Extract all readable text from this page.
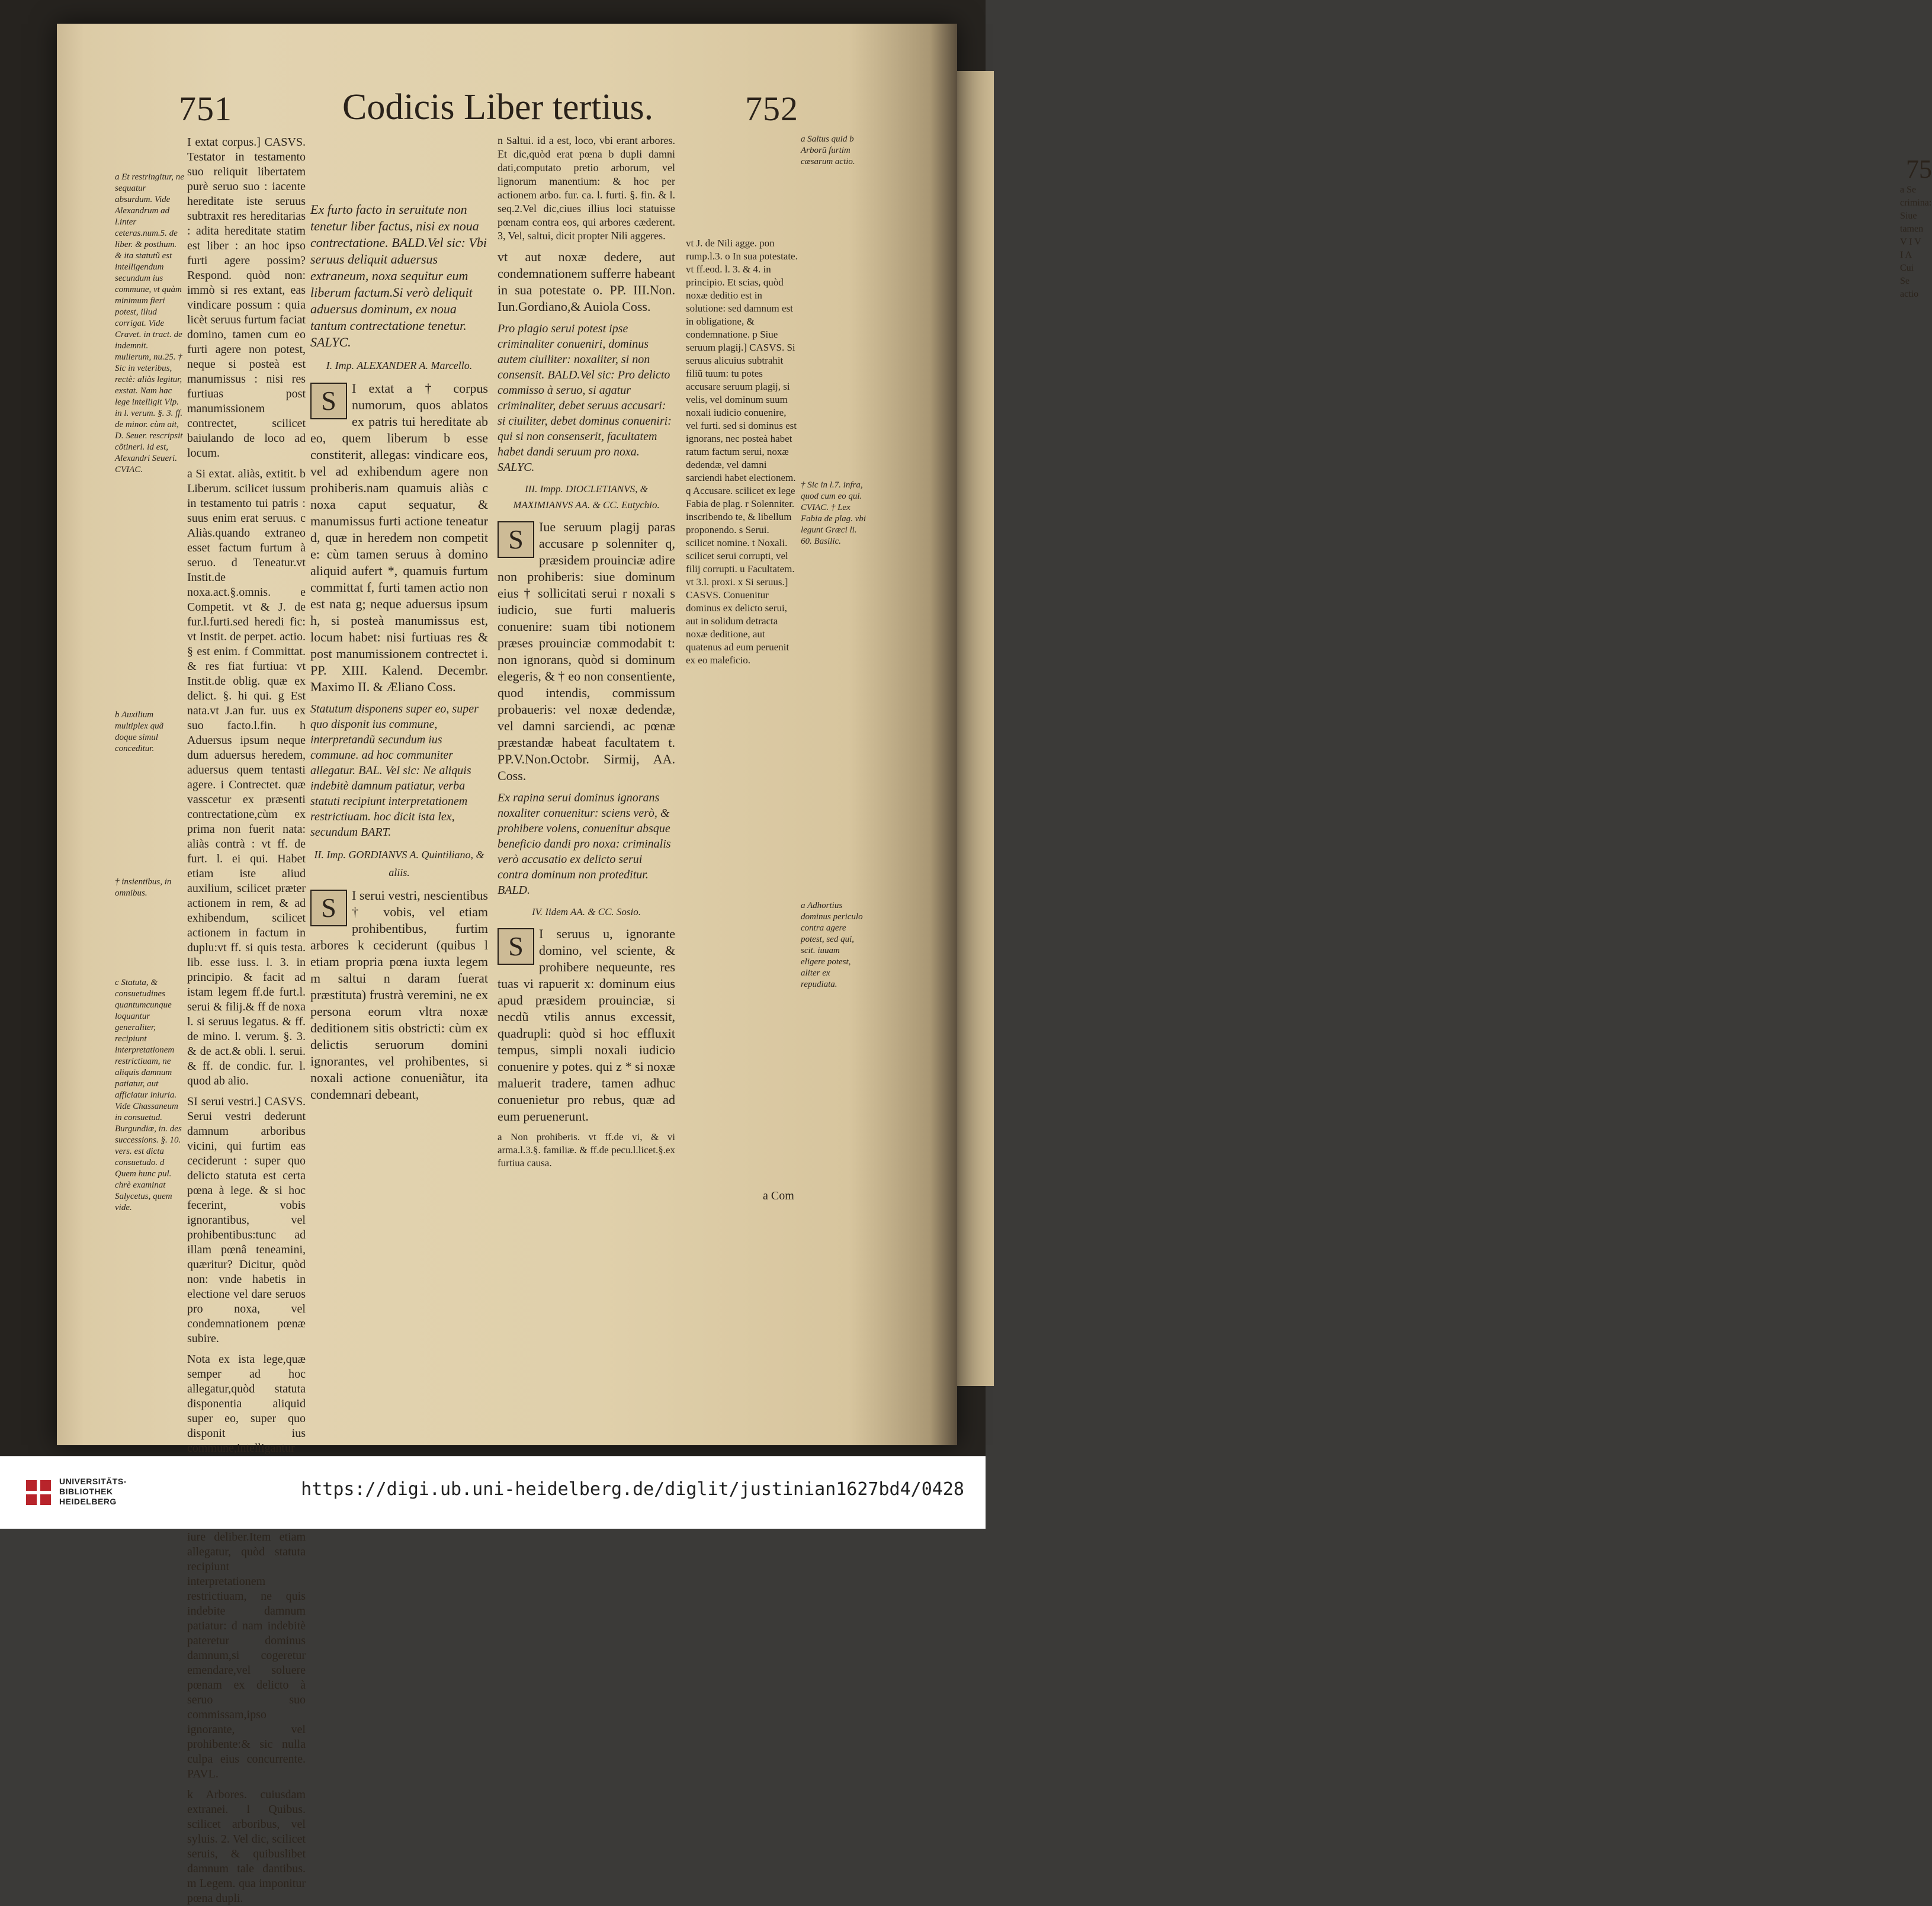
75
a Se crimina: Siue tamen V I V I A Cui Se actio
751	Codicis Liber tertius.	752
a Et restringitur, ne sequatur absurdum. Vide Alexandrum ad l.inter ceteras.num.5. de liber. & posthum. & ita statutũ est intelligendum secundum ius commune, vt quàm minimum fieri potest, illud corrigat. Vide Cravet. in tract. de indemnit. mulierum, nu.25. † Sic in veteribus, rectè: aliàs legitur, exstat. Nam hac lege intelligit Vlp. in l. verum. §. 3. ff. de minor. cùm ait, D. Seuer. rescripsit cõtineri. id est, Alexandri Seueri. CVIAC.
b Auxilium multiplex quã doque simul conceditur.
† insientibus, in omnibus.
c Statuta, & consuetudines quantumcunque loquantur generaliter, recipiunt interpretationem restrictiuam, ne aliquis damnum patiatur, aut afficiatur iniuria. Vide Chassaneum in consuetud. Burgundiæ, in. des successions. §. 10. vers. est dicta consuetudo. d Quem hunc pul. chrè examinat Salycetus, quem vide.

I extat corpus.] CASVS. Testator in testamento suo reliquit libertatem purè seruo suo : iacente hereditate iste seruus subtraxit res hereditarias : adita hereditate statim est liber : an hoc ipso furti agere possim? Respond. quòd non: immò si res extant, eas vindicare possum : quia licèt seruus furtum faciat domino, tamen cum eo furti agere non potest, neque si posteà est manumissus : nisi res furtiuas post manumissionem contrectet, scilicet baiulando de loco ad locum.

a Si extat. aliàs, extitit. b Liberum. scilicet iussum in testamento tui patris : suus enim erat seruus. c Aliàs.quando extraneo esset factum furtum à seruo. d Teneatur.vt Instit.de noxa.act.§.omnis. e Competit. vt & J. de fur.l.furti.sed heredi fic: vt Instit. de perpet. actio. § est enim. f Committat. & res fiat furtiua: vt Instit.de oblig. quæ ex delict. §. hi qui. g Est nata.vt J.an fur. uus ex suo facto.l.fin. h Aduersus ipsum neque dum aduersus heredem, aduersus quem tentasti agere. i Contrectet. quæ vasscetur ex præsenti contrectatione,cùm ex prima non fuerit nata: aliàs contrà : vt ff. de furt. l. ei qui. Habet etiam iste aliud auxilium, scilicet præter actionem in rem, & ad exhibendum, scilicet actionem in factum in duplu:vt ff. si quis testa. lib. esse iuss. l. 3. in principio. & facit ad istam legem ff.de furt.l. serui & filij.& ff de noxa l. si seruus legatus. & ff. de mino. l. verum. §. 3. & de act.& obli. l. serui. & ff. de condic. fur. l. quod ab alio.

SI serui vestri.] CASVS. Serui vestri dederunt damnum arboribus vicini, qui furtim eas ceciderunt : super quo delicto statuta est certa pœna à lege. & si hoc fecerint, vobis ignorantibus, vel prohibentibus:tunc ad illam pœnâ teneamini, quæritur? Dicitur, quòd non: vnde habetis in electione vel dare seruos pro noxa, vel condemnationem pœnæ subire.

Nota ex ista lege,quæ semper ad hoc allegatur,quòd statuta disponentia aliquid super eo, super quo disponit ius commune,intelligantur iure deliber.Item etiam allegatur, quòd statuta recipiunt interpretationem restrictiuam, ne quis indebite damnum patiatur: d nam indebitè pateretur dominus damnum,si cogeretur emendare,vel soluere pœnam ex delicto à seruo suo commissam,ipso ignorante, vel prohibente:& sic nulla culpa eius concurrente. PAVL.

k Arbores. cuiusdam extranei. l Quibus. scilicet arboribus, vel syluis. 2. Vel dic, scilicet seruis, & quibuslibet damnum tale dantibus. m Legem. qua imponitur pœna dupli.

Ex furto facto in seruitute non tenetur liber factus, nisi ex noua contrectatione. BALD.Vel sic: Vbi seruus deliquit aduersus extraneum, noxa sequitur eum liberum factum.Si verò deliquit aduersus dominum, ex noua tantum contrectatione tenetur. SALYC.

I. Imp. ALEXANDER A. Marcello.

S	I extat a † corpus numorum, quos ablatos ex patris tui hereditate ab eo, quem liberum b esse constiterit, allegas: vindicare eos, vel ad exhibendum agere non prohiberis.nam quamuis aliàs c noxa caput sequatur, & manumissus furti actione teneatur d, quæ in heredem non competit e: cùm tamen seruus à domino aliquid aufert *, quamuis furtum committat f, furti tamen actio non est nata g; neque aduersus ipsum h, si posteà manumissus est, locum habet: nisi furtiuas res & post manumissionem contrectet i. PP. XIII. Kalend. Decembr. Maximo II. & Æliano Coss.

Statutum disponens super eo, super quo disponit ius commune, interpretandũ secundum ius commune. ad hoc communiter allegatur. BAL. Vel sic: Ne aliquis indebitè damnum patiatur, verba statuti recipiunt interpretationem restrictiuam. hoc dicit ista lex, secundum BART.

II. Imp. GORDIANVS A. Quintiliano, & aliis.

S	I serui vestri, nescientibus † vobis, vel etiam prohibentibus, furtim arbores k ceciderunt (quibus l etiam propria pœna iuxta legem m saltui n daram fuerat præstituta) frustrà veremini, ne ex persona eorum vltra noxæ deditionem sitis obstricti: cùm ex delictis seruorum domini ignorantes, vel prohibentes, si noxali actione conueniãtur, ita condemnari debeant,

n Saltui. id a est, loco, vbi erant arbores. Et dic,quòd erat pœna b dupli damni dati,computato pretio arborum, vel lignorum manentium: & hoc per actionem arbo. fur. ca. l. furti. §. fin. & l. seq.2.Vel dic,ciues illius loci statuisse pœnam contra eos, qui arbores cæderent. 3, Vel, saltui, dicit propter Nili aggeres.

vt aut noxæ dedere, aut condemnationem sufferre habeant in sua potestate o. PP. III.Non. Iun.Gordiano,& Auiola Coss.

Pro plagio serui potest ipse criminaliter conueniri, dominus autem ciuiliter: noxaliter, si non consensit. BALD.Vel sic: Pro delicto commisso à seruo, si agatur criminaliter, debet seruus accusari: si ciuiliter, debet dominus conueniri: qui si non consenserit, facultatem habet dandi seruum pro noxa. SALYC.

III. Impp. DIOCLETIANVS, & MAXIMIANVS AA. & CC. Eutychio.

S	Iue seruum plagij paras accusare p solenniter q, præsidem prouinciæ adire non prohiberis: siue dominum eius † sollicitati serui r noxali s iudicio, sue furti malueris conuenire: suam tibi notionem præses prouinciæ commodabit t: non ignorans, quòd si dominum elegeris, & † eo non consentiente, quod intendis, commissum probaueris: vel noxæ dedendæ, vel damni sarciendi, ac pœnæ præstandæ habeat facultatem t. PP.V.Non.Octobr. Sirmij, AA. Coss.

Ex rapina serui dominus ignorans noxaliter conuenitur: sciens verò, & prohibere volens, conuenitur absque beneficio dandi pro noxa: criminalis verò accusatio ex delicto serui contra dominum non proteditur. BALD.

IV. Iidem AA. & CC. Sosio.

S	I seruus u, ignorante domino, vel sciente, & prohibere nequeunte, res tuas vi rapuerit x: dominum eius apud præsidem prouinciæ, si necdũ vtilis annus excessit, quadrupli: quòd si hoc effluxit tempus, simpli noxali iudicio conuenire y potes. qui z * si noxæ maluerit tradere, tamen adhuc conuenietur pro rebus, quæ ad eum peruenerunt.

a Non prohiberis. vt ff.de vi, & vi arma.l.3.§. familiæ. & ff.de pecu.l.licet.§.ex furtiua causa.

vt J. de Nili agge. pon rump.l.3. o In sua potestate. vt ff.eod. l. 3. & 4. in principio. Et scias, quòd noxæ deditio est in solutione: sed damnum est in obligatione, & condemnatione. p Siue seruum plagij.] CASVS. Si seruus alicuius subtrahit filiũ tuum: tu potes accusare seruum plagij, si velis, vel dominum suum noxali iudicio conuenire, vel furti. sed si dominus est ignorans, nec posteà habet ratum factum serui, noxæ dedendæ, vel damni sarciendi habet electionem. q Accusare. scilicet ex lege Fabia de plag. r Solenniter. inscribendo te, & libellum proponendo. s Serui. scilicet nomine. t Noxali. scilicet serui corrupti, vel filij corrupti. u Facultatem. vt 3.l. proxi. x Si seruus.] CASVS. Conuenitur dominus ex delicto serui, aut in solidum detracta noxæ deditione, aut quatenus ad eum peruenit ex eo maleficio.

a Saltus quid b Arborũ furtim cæsarum actio.
† Sic in l.7. infra, quod cum eo qui. CVIAC. † Lex Fabia de plag. vbi legunt Græci li. 60. Basilic.
a Adhortius dominus periculo contra agere potest, sed qui, scit. iuuam eligere potest, aliter ex repudiata.
a Com
UNIVERSITÄTS-
BIBLIOTHEK
HEIDELBERG
https://digi.ub.uni-heidelberg.de/diglit/justinian1627bd4/0428
